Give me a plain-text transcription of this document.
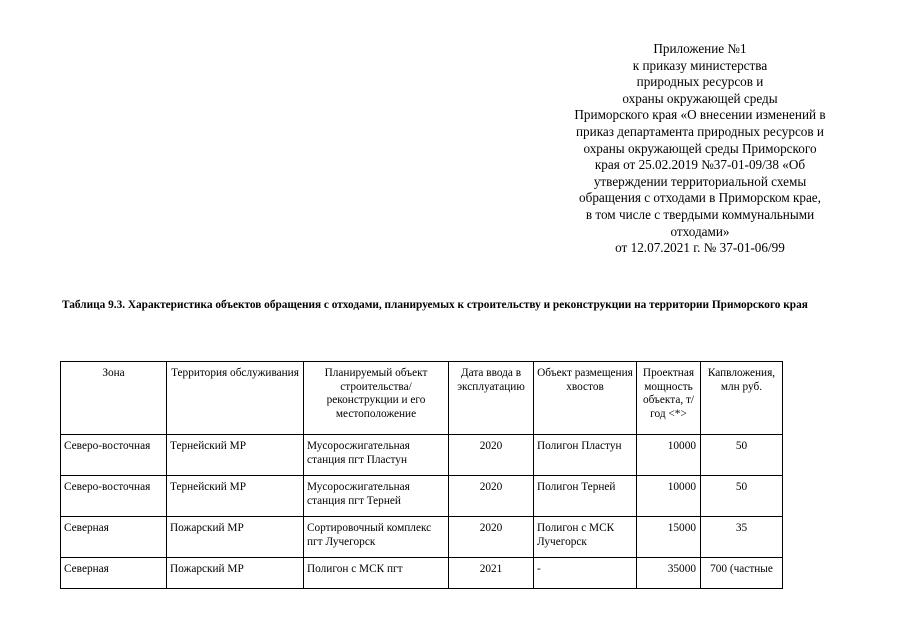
Приложение №1
к приказу министерства
природных ресурсов и
охраны окружающей среды
Приморского края «О внесении изменений в
приказ департамента природных ресурсов и
охраны окружающей среды Приморского
края от 25.02.2019 №37-01-09/38 «Об
утверждении территориальной схемы
обращения с отходами в Приморском крае,
в том числе с твердыми коммунальными
отходами»
от 12.07.2021 г. № 37-01-06/99
Таблица 9.3. Характеристика объектов обращения с отходами, планируемых к строительству и реконструкции на территории Приморского края
Зона	Территория обслуживания	Планируемый объект строительства/реконструкции и его местоположение	Дата ввода в эксплуатацию	Объект размещения хвостов	Проектная мощность объекта, т/год <*>	Капвложения, млн руб.
Северо-восточная	Тернейский МР	Мусоросжигательная станция пгт Пластун	2020	Полигон Пластун	10000	50
Северо-восточная	Тернейский МР	Мусоросжигательная станция пгт Терней	2020	Полигон Терней	10000	50
Северная	Пожарский МР	Сортировочный комплекс пгт Лучегорск	2020	Полигон с МСК Лучегорск	15000	35
Северная	Пожарский МР	Полигон с МСК пгт	2021	-	35000	700 (частные
